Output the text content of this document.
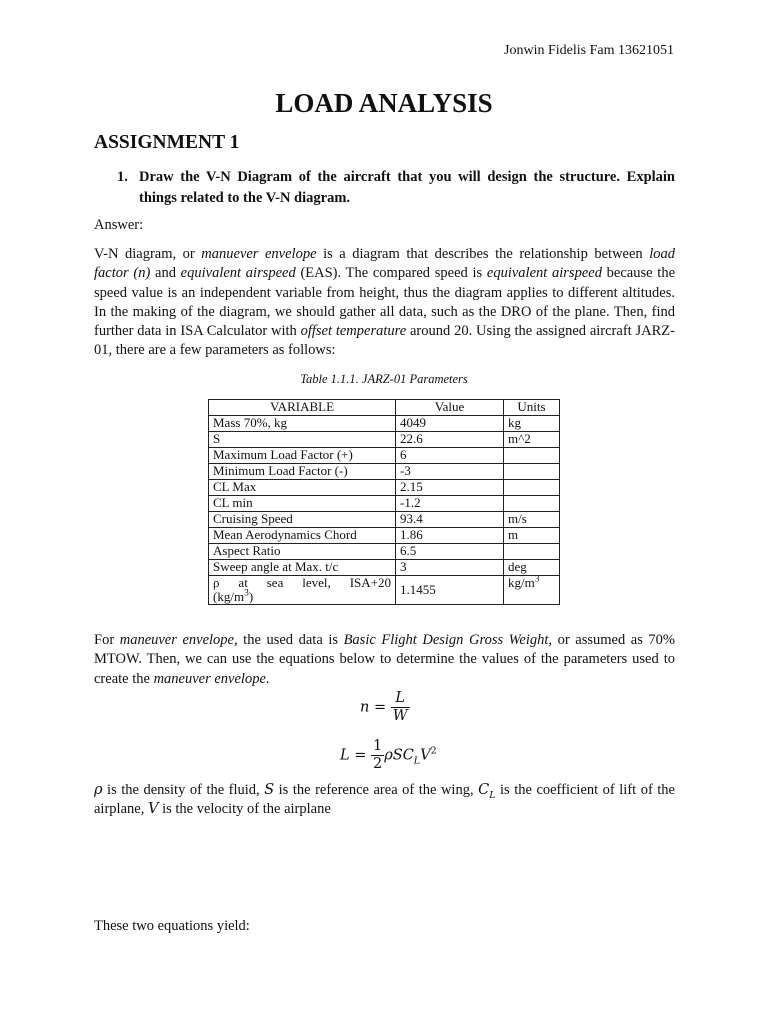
Jonwin Fidelis Fam 13621051
LOAD ANALYSIS
ASSIGNMENT 1
1. Draw the V-N Diagram of the aircraft that you will design the structure. Explain things related to the V-N diagram.
Answer:
V-N diagram, or manuever envelope is a diagram that describes the relationship between load factor (n) and equivalent airspeed (EAS). The compared speed is equivalent airspeed because the speed value is an independent variable from height, thus the diagram applies to different altitudes. In the making of the diagram, we should gather all data, such as the DRO of the plane. Then, find further data in ISA Calculator with offset temperature around 20. Using the assigned aircraft JARZ-01, there are a few parameters as follows:
Table 1.1.1. JARZ-01 Parameters
VARIABLE	Value	Units
Mass 70%, kg	4049	kg
S	22.6	m^2
Maximum Load Factor (+)	6	
Minimum Load Factor (-)	-3	
CL Max	2.15	
CL min	-1.2	
Cruising Speed	93.4	m/s
Mean Aerodynamics Chord	1.86	m
Aspect Ratio	6.5	
Sweep angle at Max. t/c	3	deg

ρ at sea level, ISA+20
$(kg/m^3)$	1.1455	$kg/m^3$
For maneuver envelope, the used data is Basic Flight Design Gross Weight, or assumed as 70% MTOW. Then, we can use the equations below to determine the values of the parameters used to create the maneuver envelope.
$n = \frac{L}{W}$
$L = \frac{1}{2} \rho SC_LV^2$
ρ is the density of the fluid, S is the reference area of the wing, $C_L$ is the coefficient of lift of the airplane, V is the velocity of the airplane
These two equations yield:
